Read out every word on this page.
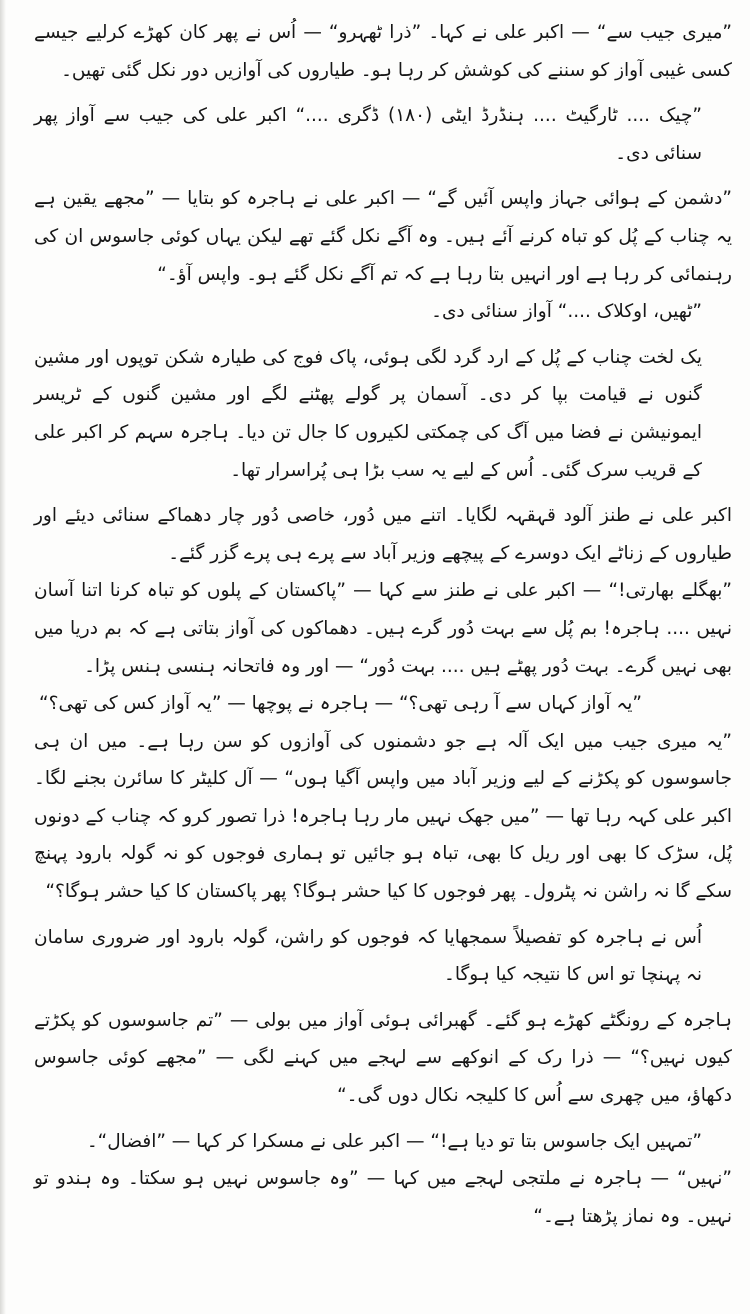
”میری جیب سے“ — اکبر علی نے کہا۔ ”ذرا ٹھہرو“ — اُس نے پھر کان کھڑے کرلیے جیسے کسی غیبی آواز کو سننے کی کوشش کر رہا ہو۔ طیاروں کی آوازیں دور نکل گئی تھیں۔

”چیک .... ٹارگیٹ .... ہنڈرڈ ایٹی (۱۸۰) ڈگری ....“ اکبر علی کی جیب سے آواز پھر سنائی دی۔

”دشمن کے ہوائی جہاز واپس آئیں گے“ — اکبر علی نے ہاجرہ کو بتایا — ”مجھے یقین ہے یہ چناب کے پُل کو تباہ کرنے آئے ہیں۔ وہ آگے نکل گئے تھے لیکن یہاں کوئی جاسوس ان کی رہنمائی کر رہا ہے اور انہیں بتا رہا ہے کہ تم آگے نکل گئے ہو۔ واپس آؤ۔“

”ٹھیں، اوکلاک ....“ آواز سنائی دی۔

یک لخت چناب کے پُل کے ارد گرد لگی ہوئی، پاک فوج کی طیارہ شکن توپوں اور مشین گنوں نے قیامت بپا کر دی۔ آسمان پر گولے پھٹنے لگے اور مشین گنوں کے ٹریسر ایمونیشن نے فضا میں آگ کی چمکتی لکیروں کا جال تن دیا۔ ہاجرہ سہم کر اکبر علی کے قریب سرک گئی۔ اُس کے لیے یہ سب بڑا ہی پُراسرار تھا۔

اکبر علی نے طنز آلود قہقہہ لگایا۔ اتنے میں دُور، خاصی دُور چار دھماکے سنائی دیئے اور طیاروں کے زناٹے ایک دوسرے کے پیچھے وزیر آباد سے پرے ہی پرے گزر گئے۔

”بھگلے بھارتی!“ — اکبر علی نے طنز سے کہا — ”پاکستان کے پلوں کو تباہ کرنا اتنا آسان نہیں .... ہاجرہ! بم پُل سے بہت دُور گرے ہیں۔ دھماکوں کی آواز بتاتی ہے کہ بم دریا میں بھی نہیں گرے۔ بہت دُور پھٹے ہیں .... بہت دُور“ — اور وہ فاتحانہ ہنسی ہنس پڑا۔

”یہ آواز کہاں سے آ رہی تھی؟“ — ہاجرہ نے پوچھا — ”یہ آواز کس کی تھی؟“

”یہ میری جیب میں ایک آلہ ہے جو دشمنوں کی آوازوں کو سن رہا ہے۔ میں ان ہی جاسوسوں کو پکڑنے کے لیے وزیر آباد میں واپس آگیا ہوں“ — آل کلیٹر کا سائرن بجنے لگا۔ اکبر علی کہہ رہا تھا — ”میں جھک نہیں مار رہا ہاجرہ! ذرا تصور کرو کہ چناب کے دونوں پُل، سڑک کا بھی اور ریل کا بھی، تباہ ہو جائیں تو ہماری فوجوں کو نہ گولہ بارود پہنچ سکے گا نہ راشن نہ پٹرول۔ پھر فوجوں کا کیا حشر ہوگا؟ پھر پاکستان کا کیا حشر ہوگا؟“

اُس نے ہاجرہ کو تفصیلاً سمجھایا کہ فوجوں کو راشن، گولہ بارود اور ضروری سامان نہ پہنچا تو اس کا نتیجہ کیا ہوگا۔

ہاجرہ کے رونگٹے کھڑے ہو گئے۔ گھبرائی ہوئی آواز میں بولی — ”تم جاسوسوں کو پکڑتے کیوں نہیں؟“ — ذرا رک کے انوکھے سے لہجے میں کہنے لگی — ”مجھے کوئی جاسوس دکھاؤ، میں چھری سے اُس کا کلیجہ نکال دوں گی۔“

”تمہیں ایک جاسوس بتا تو دیا ہے!“ — اکبر علی نے مسکرا کر کہا — ”افضال“۔

”نہیں“ — ہاجرہ نے ملتجی لہجے میں کہا — ”وہ جاسوس نہیں ہو سکتا۔ وہ ہندو تو نہیں۔ وہ نماز پڑھتا ہے۔“
